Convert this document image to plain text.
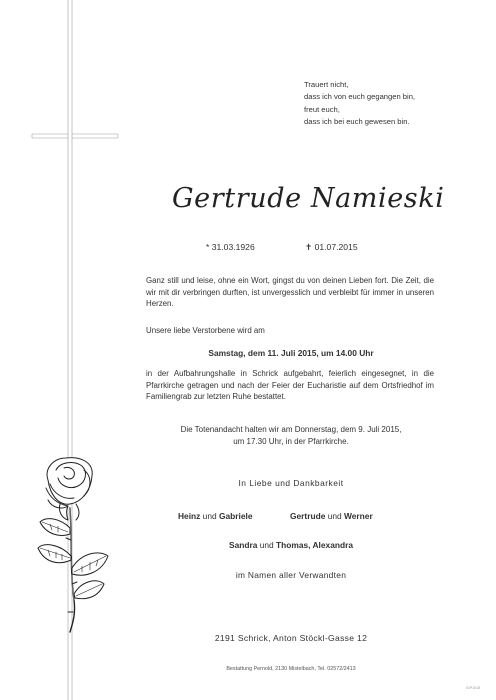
Trauert nicht,
dass ich von euch gegangen bin,
freut euch,
dass ich bei euch gewesen bin.
Gertrude Namieski
* 31.03.1926	✝ 01.07.2015
Ganz still und leise, ohne ein Wort, gingst du von deinen Lieben fort. Die Zeit, die wir mit dir verbringen durften, ist unvergesslich und verbleibt für immer in unseren Herzen.
Unsere liebe Verstorbene wird am
Samstag, dem 11. Juli 2015, um 14.00 Uhr
in der Aufbahrungshalle in Schrick aufgebahrt, feierlich eingesegnet, in die Pfarrkirche getragen und nach der Feier der Eucharistie auf dem Ortsfriedhof im Familiengrab zur letzten Ruhe bestattet.
Die Totenandacht halten wir am Donnerstag, dem 9. Juli 2015,
um 17.30 Uhr, in der Pfarrkirche.
In Liebe und Dankbarkeit
Heinz und Gabriele	Gertrude und Werner
Sandra und Thomas, Alexandra
im Namen aller Verwandten
2191 Schrick, Anton Stöckl-Gasse 12
Bestattung Pernold, 2130 Mistelbach, Tel. 02572/2413
01P1018
